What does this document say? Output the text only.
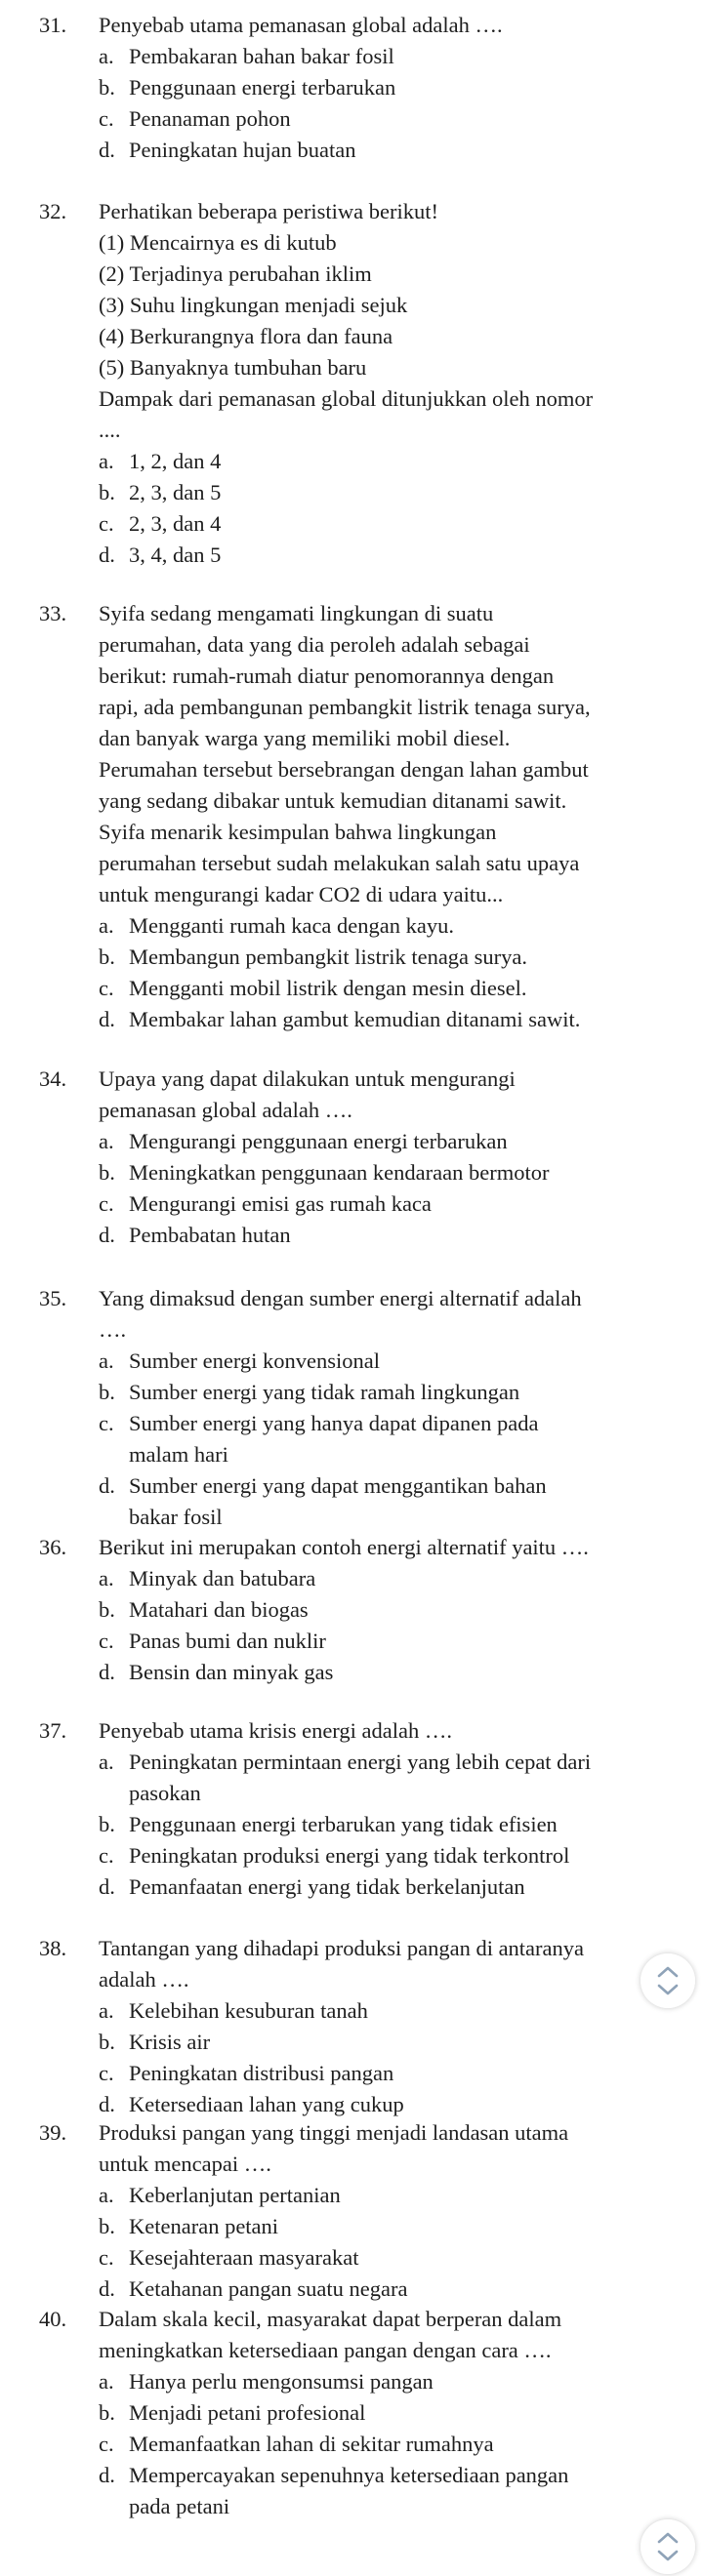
31. Penyebab utama pemanasan global adalah ….
a. Pembakaran bahan bakar fosil
b. Penggunaan energi terbarukan
c. Penanaman pohon
d. Peningkatan hujan buatan
32. Perhatikan beberapa peristiwa berikut!
(1) Mencairnya es di kutub
(2) Terjadinya perubahan iklim
(3) Suhu lingkungan menjadi sejuk
(4) Berkurangnya flora dan fauna
(5) Banyaknya tumbuhan baru
Dampak dari pemanasan global ditunjukkan oleh nomor
....
a. 1, 2, dan 4
b. 2, 3, dan 5
c. 2, 3, dan 4
d. 3, 4, dan 5
33. Syifa sedang mengamati lingkungan di suatu
perumahan, data yang dia peroleh adalah sebagai
berikut: rumah-rumah diatur penomorannya dengan
rapi, ada pembangunan pembangkit listrik tenaga surya,
dan banyak warga yang memiliki mobil diesel.
Perumahan tersebut bersebrangan dengan lahan gambut
yang sedang dibakar untuk kemudian ditanami sawit.
Syifa menarik kesimpulan bahwa lingkungan
perumahan tersebut sudah melakukan salah satu upaya
untuk mengurangi kadar CO2 di udara yaitu...
a. Mengganti rumah kaca dengan kayu.
b. Membangun pembangkit listrik tenaga surya.
c. Mengganti mobil listrik dengan mesin diesel.
d. Membakar lahan gambut kemudian ditanami sawit.
34. Upaya yang dapat dilakukan untuk mengurangi
pemanasan global adalah ….
a. Mengurangi penggunaan energi terbarukan
b. Meningkatkan penggunaan kendaraan bermotor
c. Mengurangi emisi gas rumah kaca
d. Pembabatan hutan
35. Yang dimaksud dengan sumber energi alternatif adalah
….
a. Sumber energi konvensional
b. Sumber energi yang tidak ramah lingkungan
c. Sumber energi yang hanya dapat dipanen pada
malam hari
d. Sumber energi yang dapat menggantikan bahan
bakar fosil
36. Berikut ini merupakan contoh energi alternatif yaitu ….
a. Minyak dan batubara
b. Matahari dan biogas
c. Panas bumi dan nuklir
d. Bensin dan minyak gas
37. Penyebab utama krisis energi adalah ….
a. Peningkatan permintaan energi yang lebih cepat dari
pasokan
b. Penggunaan energi terbarukan yang tidak efisien
c. Peningkatan produksi energi yang tidak terkontrol
d. Pemanfaatan energi yang tidak berkelanjutan
38. Tantangan yang dihadapi produksi pangan di antaranya
adalah ….
a. Kelebihan kesuburan tanah
b. Krisis air
c. Peningkatan distribusi pangan
d. Ketersediaan lahan yang cukup
39. Produksi pangan yang tinggi menjadi landasan utama
untuk mencapai ….
a. Keberlanjutan pertanian
b. Ketenaran petani
c. Kesejahteraan masyarakat
d. Ketahanan pangan suatu negara
40. Dalam skala kecil, masyarakat dapat berperan dalam
meningkatkan ketersediaan pangan dengan cara ….
a. Hanya perlu mengonsumsi pangan
b. Menjadi petani profesional
c. Memanfaatkan lahan di sekitar rumahnya
d. Mempercayakan sepenuhnya ketersediaan pangan
pada petani
